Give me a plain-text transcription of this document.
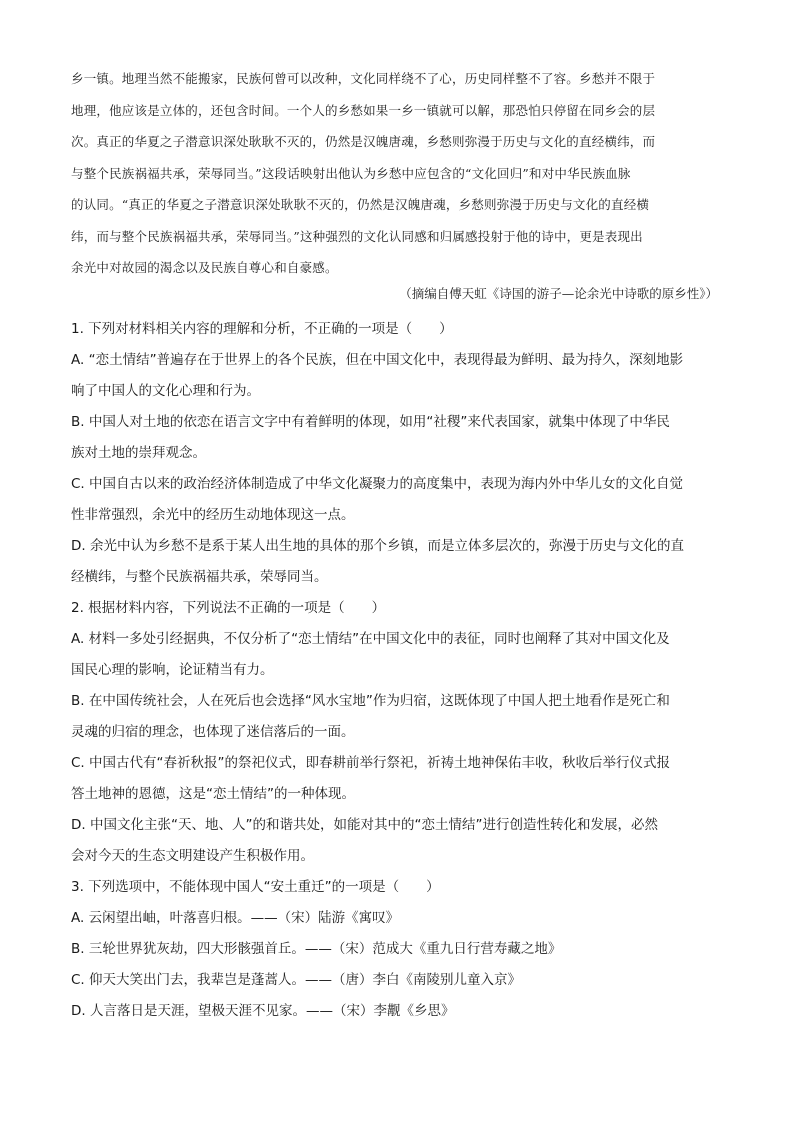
乡一镇。地理当然不能搬家，民族何曾可以改种，文化同样绕不了心，历史同样整不了容。乡愁并不限于
地理，他应该是立体的，还包含时间。一个人的乡愁如果一乡一镇就可以解，那恐怕只停留在同乡会的层
次。真正的华夏之子潜意识深处耿耿不灭的，仍然是汉魄唐魂，乡愁则弥漫于历史与文化的直经横纬，而
与整个民族祸福共承，荣辱同当。”这段话映射出他认为乡愁中应包含的“文化回归”和对中华民族血脉
的认同。“真正的华夏之子潜意识深处耿耿不灭的，仍然是汉魄唐魂，乡愁则弥漫于历史与文化的直经横
纬，而与整个民族祸福共承，荣辱同当。”这种强烈的文化认同感和归属感投射于他的诗中，更是表现出
余光中对故园的渴念以及民族自尊心和自豪感。
（摘编自傅天虹《诗国的游子—论余光中诗歌的原乡性》）
1. 下列对材料相关内容的理解和分析，不正确的一项是（　　）
A. “恋土情结”普遍存在于世界上的各个民族，但在中国文化中，表现得最为鲜明、最为持久，深刻地影
响了中国人的文化心理和行为。
B. 中国人对土地的依恋在语言文字中有着鲜明的体现，如用“社稷”来代表国家，就集中体现了中华民
族对土地的崇拜观念。
C. 中国自古以来的政治经济体制造成了中华文化凝聚力的高度集中，表现为海内外中华儿女的文化自觉
性非常强烈，余光中的经历生动地体现这一点。
D. 余光中认为乡愁不是系于某人出生地的具体的那个乡镇，而是立体多层次的，弥漫于历史与文化的直
经横纬，与整个民族祸福共承，荣辱同当。
2. 根据材料内容，下列说法不正确的一项是（　　）
A. 材料一多处引经据典，不仅分析了“恋土情结”在中国文化中的表征，同时也阐释了其对中国文化及
国民心理的影响，论证精当有力。
B. 在中国传统社会，人在死后也会选择“风水宝地”作为归宿，这既体现了中国人把土地看作是死亡和
灵魂的归宿的理念，也体现了迷信落后的一面。
C. 中国古代有“春祈秋报”的祭祀仪式，即春耕前举行祭祀，祈祷土地神保佑丰收，秋收后举行仪式报
答土地神的恩德，这是“恋土情结”的一种体现。
D. 中国文化主张“天、地、人”的和谐共处，如能对其中的“恋土情结”进行创造性转化和发展，必然
会对今天的生态文明建设产生积极作用。
3. 下列选项中，不能体现中国人“安土重迁”的一项是（　　）
A. 云闲望出岫，叶落喜归根。——（宋）陆游《寓叹》
B. 三轮世界犹灰劫，四大形骸强首丘。——（宋）范成大《重九日行营寿藏之地》
C. 仰天大笑出门去，我辈岂是蓬蒿人。——（唐）李白《南陵别儿童入京》
D. 人言落日是天涯，望极天涯不见家。——（宋）李觏《乡思》
